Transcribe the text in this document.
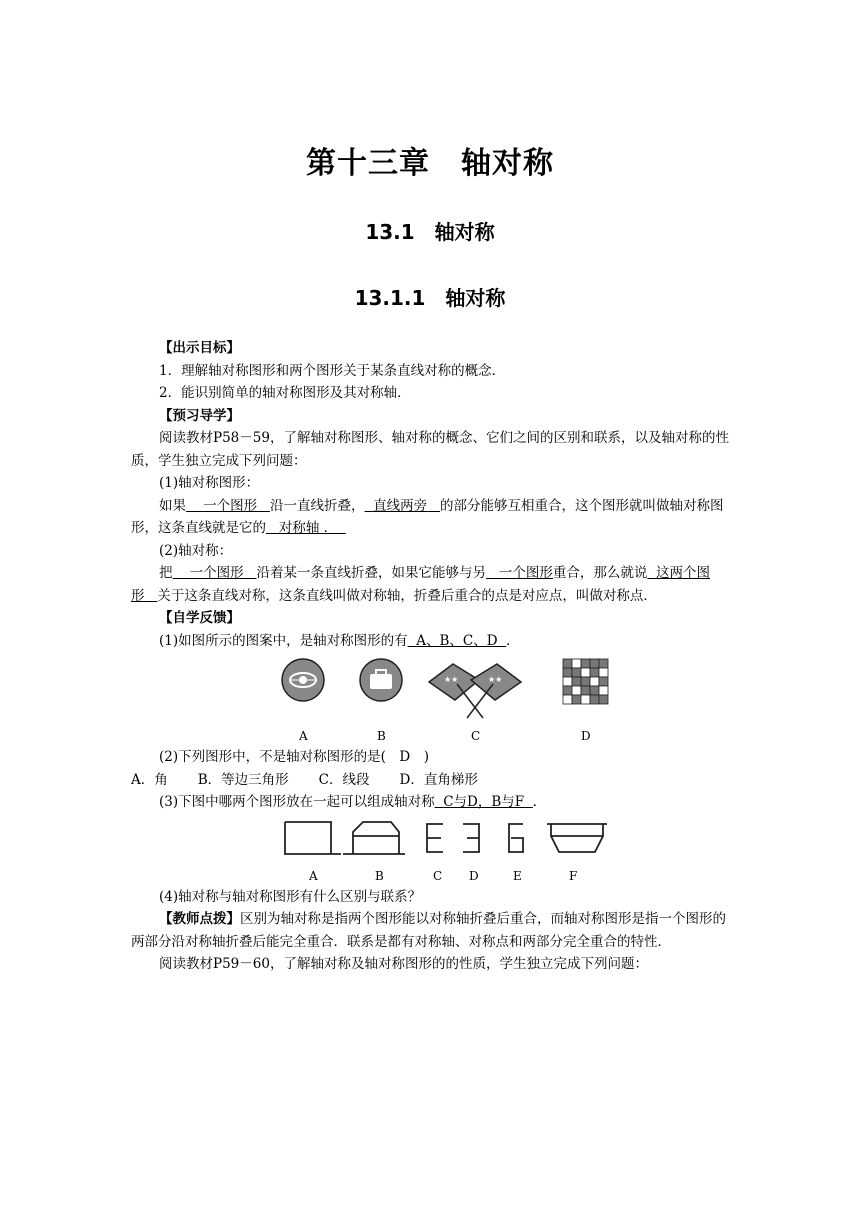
第十三章　轴对称
13.1　轴对称
13.1.1　轴对称

【出示目标】

1．理解轴对称图形和两个图形关于某条直线对称的概念．

2．能识别简单的轴对称图形及其对称轴．

【预习导学】

阅读教材P58－59，了解轴对称图形、轴对称的概念、它们之间的区别和联系，以及轴对称的性质，学生独立完成下列问题：

(1)轴对称图形：

如果 一个图形 沿一直线折叠， 直线两旁 的部分能够互相重合，这个图形就叫做轴对称图形，这条直线就是它的 对称轴 ．

(2)轴对称：

把 一个图形 沿着某一条直线折叠，如果它能够与另 一个图形重合，那么就说 这两个图形 关于这条直线对称，这条直线叫做对称轴，折叠后重合的点是对应点，叫做对称点．

【自学反馈】

(1)如图所示的图案中，是轴对称图形的有 A、B、C、D ．

★★	★★
A	B	C	D

(2)下列图形中，不是轴对称图形的是(　D　)

A．角 B．等边三角形 C．线段 D．直角梯形

(3)下图中哪两个图形放在一起可以组成轴对称 C与D，B与F ．

A	B	C D	E	F

(4)轴对称与轴对称图形有什么区别与联系？

【教师点拨】区别为轴对称是指两个图形能以对称轴折叠后重合，而轴对称图形是指一个图形的两部分沿对称轴折叠后能完全重合．联系是都有对称轴、对称点和两部分完全重合的特性．

阅读教材P59－60，了解轴对称及轴对称图形的的性质，学生独立完成下列问题：
